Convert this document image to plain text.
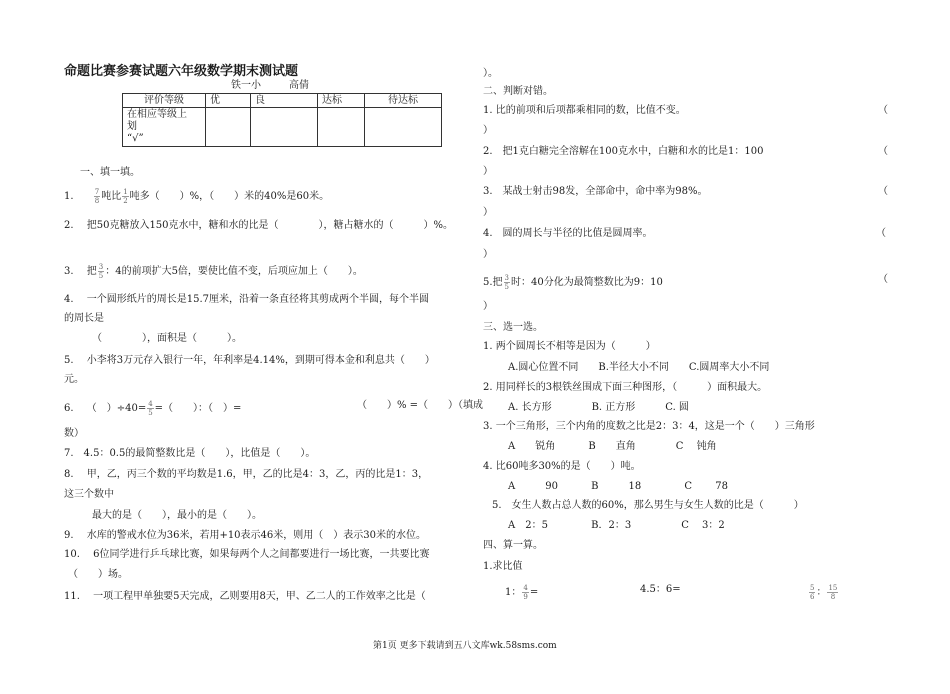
命题比赛参赛试题六年级数学期末测试题
铁一小	高倩
评价等级	优	良	达标	待达标

在相应等级上
划
“√”				

一、填一填。
1.	$\frac{7}{8}$ 吨比 $\frac{1}{2}$ 吨多（　　）%，（　　）米的40%是60米。
2.　 把50克糖放入150克水中，糖和水的比是（　　　　），糖占糖水的（　　　）%。
3.　 把 $\frac{3}{5}$ ：4的前项扩大5倍，要使比值不变，后项应加上（　　）。
4.　 一个圆形纸片的周长是15.7厘米，沿着一条直径将其剪成两个半圆，每个半圆
的周长是
（　　　　），面积是（　　　）。
5.　 小李将3万元存入银行一年，年利率是4.14%，到期可得本金和利息共（　　）
元。
6.　 （　）$\div 40= \frac{4}{5}$ =（　　）：（　）=	（　　）% =（　　）（填成
数）
7.　4.5：0.5的最简整数比是（　　），比值是（　　）。
8.　 甲，乙，丙三个数的平均数是1.6，甲，乙的比是4：3，乙，丙的比是1：3，
这三个数中
最大的是（　　），最小的是（　　）。
9.　 水库的警戒水位为36米，若用+10表示46米，则用（　）表示30米的水位。
10.　 6位同学进行乒乓球比赛，如果每两个人之间都要进行一场比赛，一共要比赛
（　　）场。
11.　 一项工程甲单独要5天完成，乙则要用8天，甲、乙二人的工作效率之比是（
）。
二、判断对错。
1. 比的前项和后项都乘相同的数，比值不变。	（
）
2.　把1克白糖完全溶解在100克水中，白糖和水的比是1：100	（
）
3.　某战士射击98发，全部命中，命中率为98%。	（
）
4.　圆的周长与半径的比值是圆周率。	（
）
5.把 $\frac{3}{5}$ 时：40分化为最简整数比为9：10	（
）
三、选一选。
1. 两个圆周长不相等是因为（　　　）
A.圆心位置不同　　B.半径大小不同　　C.圆周率大小不同
2. 用同样长的3根铁丝围成下面三种图形，（　　　）面积最大。
A. 长方形　　　　B. 正方形　　　C. 圆
3. 一个三角形，三个内角的度数之比是2：3：4，这是一个（　　）三角形
A　　锐角　　　 B　　直角　　　　C　 钝角
4. 比60吨多30%的是（　　）吨。
A　　　90　　　 B　　　18　　　　 C　　 78
5.　女生人数占总人数的60%，那么男生与女生人数的比是（　　　）
A　2：5　　　　 B．2：3　　　　　C　 3：2
四、算一算。
1.求比值
1： $\frac{4}{9}$ =	4.5：6=	$\frac{5}{6}$ ： $\frac{15}{8}$
第1页 更多下载请到五八文库wk.58sms.com
